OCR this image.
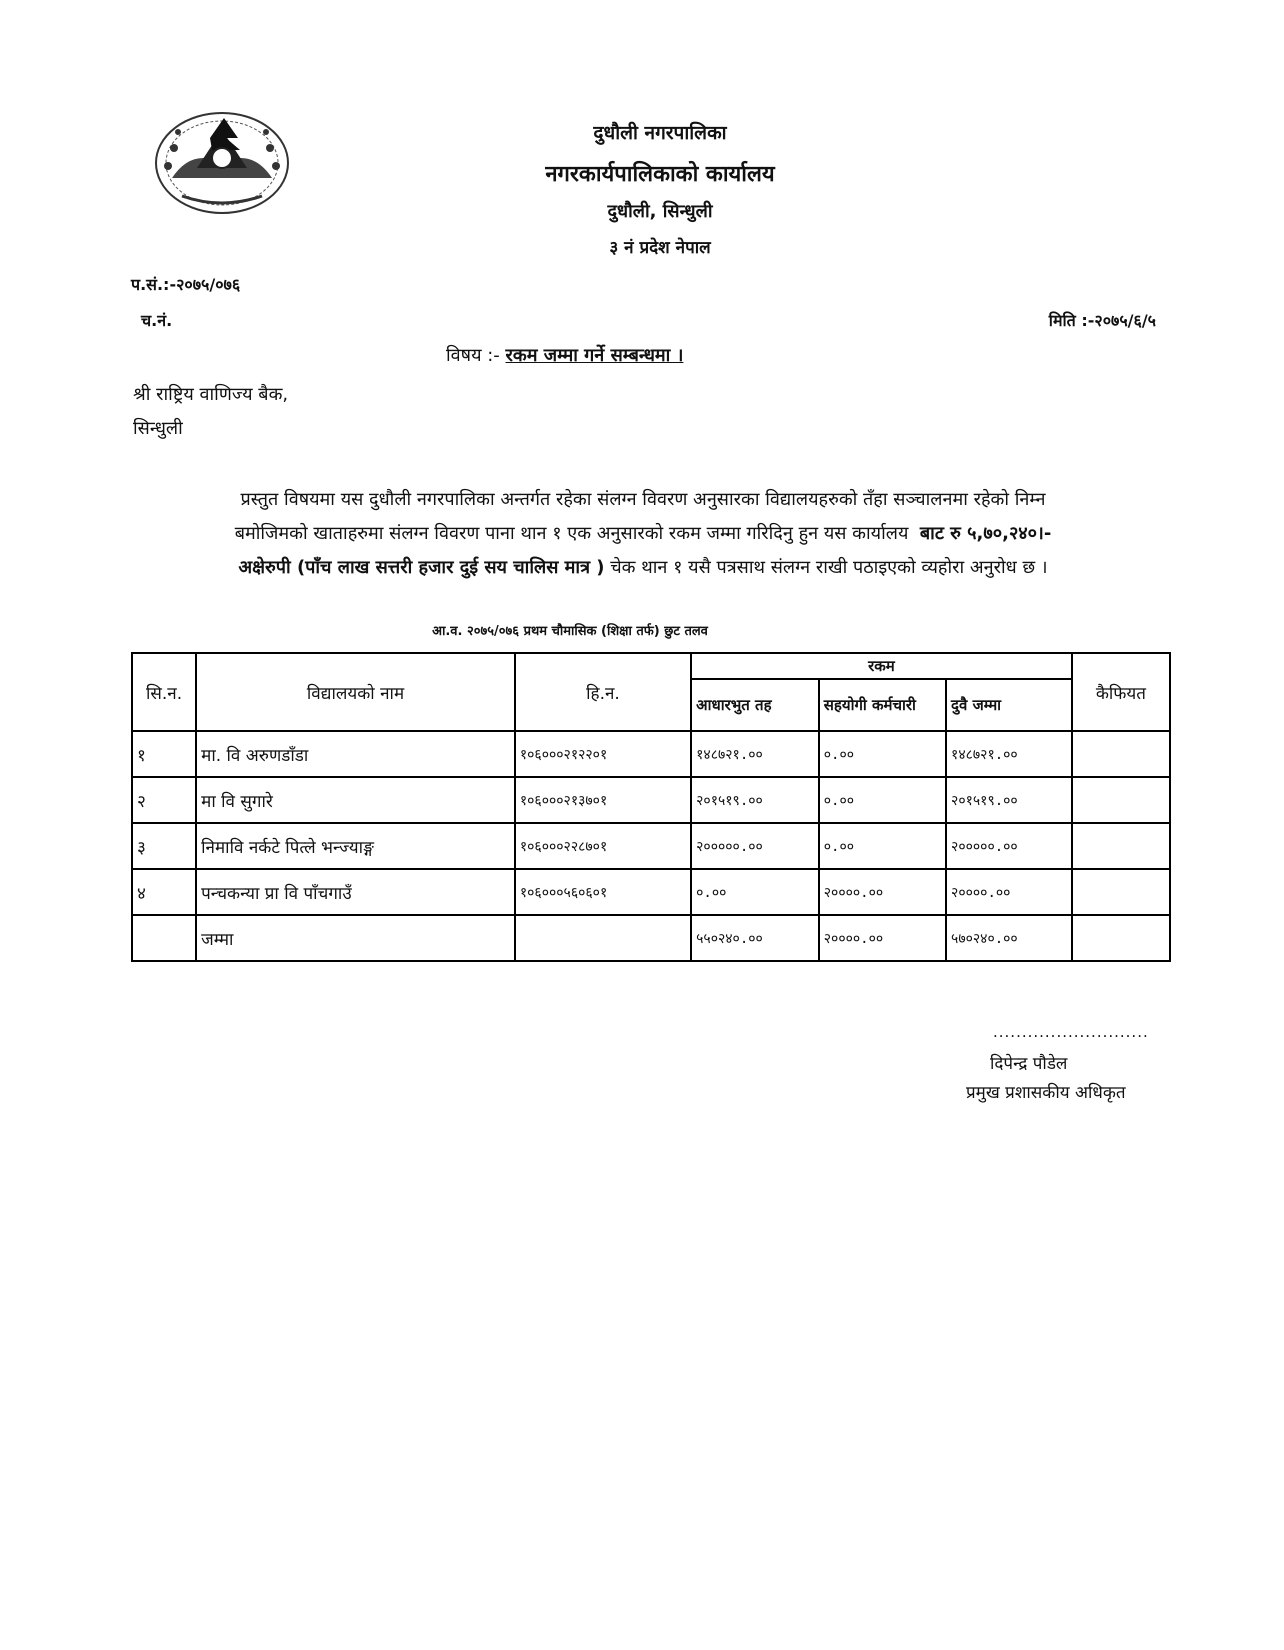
दुधौली नगरपालिका
नगरकार्यपालिकाको कार्यालय
दुधौली, सिन्धुली
३ नं प्रदेश नेपाल
प.सं.:-२०७५/०७६
च.नं.	मिति :-२०७५/६/५
विषय :- रकम जम्मा गर्ने सम्बन्धमा ।
श्री राष्ट्रिय वाणिज्य बैक,
सिन्धुली
प्रस्तुत विषयमा यस दुधौली नगरपालिका अन्तर्गत रहेका संलग्न विवरण अनुसारका विद्यालयहरुको तँहा सञ्चालनमा रहेको निम्न
बमोजिमको खाताहरुमा संलग्न विवरण पाना थान १ एक अनुसारको रकम जम्मा गरिदिनु हुन यस कार्यालय बाट रु ५,७०,२४०।-
अक्षेरुपी (पाँच लाख सत्तरी हजार दुई सय चालिस मात्र ) चेक थान १ यसै पत्रसाथ संलग्न राखी पठाइएको व्यहोरा अनुरोध छ ।
आ.व. २०७५/०७६ प्रथम चौमासिक (शिक्षा तर्फ) छुट तलव
सि.न.	विद्यालयको नाम	हि.न.	रकम			कैफियत
			आधारभुत तह	सहयोगी कर्मचारी	दुवै जम्मा	
१	मा. वि अरुणडाँडा	१०६०००२१२२०१	१४८७२१.००	०.००	१४८७२१.००	
२	मा वि सुगारे	१०६०००२१३७०१	२०१५१९.००	०.००	२०१५१९.००	
३	निमावि नर्कटे पित्ले भन्ज्याङ्ग	१०६०००२२८७०१	२०००००.००	०.००	२०००००.००	
४	पन्चकन्या प्रा वि पाँचगाउँ	१०६०००५६०६०१	०.००	२००००.००	२००००.००	
	जम्मा		५५०२४०.००	२००००.००	५७०२४०.००	
...........................
दिपेन्द्र पौडेल
प्रमुख प्रशासकीय अधिकृत
